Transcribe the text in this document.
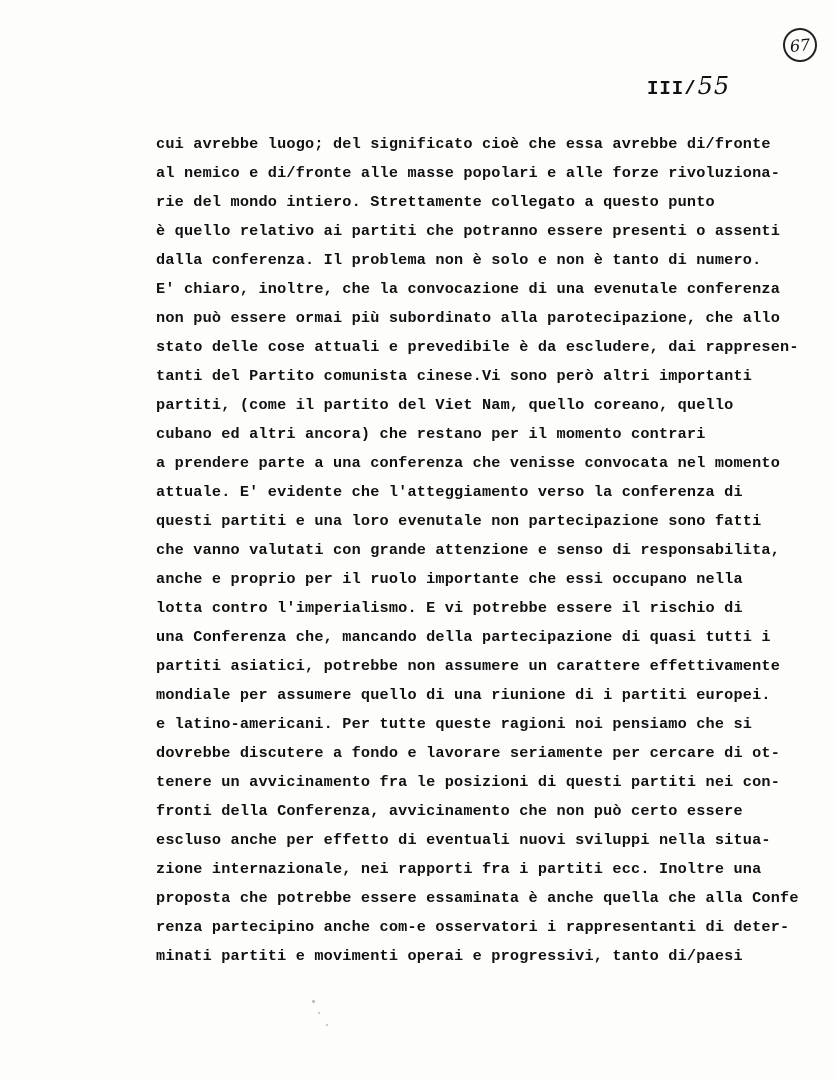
67
III/55
cui avrebbe luogo; del significato cioè che essa avrebbe di/fronte
al nemico e di/fronte alle masse popolari e alle forze rivoluziona-
rie del mondo intiero. Strettamente collegato a questo punto
è quello relativo ai partiti che potranno essere presenti o assenti
dalla conferenza. Il problema non è solo e non è tanto di numero.
E' chiaro, inoltre, che la convocazione di una evenutale conferenza
non può essere ormai più subordinato alla parotecipazione, che allo
stato delle cose attuali e prevedibile è da escludere, dai rappresen-
tanti del Partito comunista cinese.Vi sono però altri importanti
partiti, (come il partito del Viet Nam, quello coreano, quello
cubano ed altri ancora) che restano per il momento contrari
a prendere parte a una conferenza che venisse convocata nel momento
attuale. E' evidente che l'atteggiamento verso la conferenza di
questi partiti e una loro evenutale non partecipazione sono fatti
che vanno valutati con grande attenzione e senso di responsabilita,
anche e proprio per il ruolo importante che essi occupano nella
lotta contro l'imperialismo. E vi potrebbe essere il rischio di
una Conferenza che, mancando della partecipazione di quasi tutti i
partiti asiatici, potrebbe non assumere un carattere effettivamente
mondiale per assumere quello di una riunione di i partiti europei.
e latino-americani. Per tutte queste ragioni noi pensiamo che si
dovrebbe discutere a fondo e lavorare seriamente per cercare di ot-
tenere un avvicinamento fra le posizioni di questi partiti nei con-
fronti della Conferenza, avvicinamento che non può certo essere
escluso anche per effetto di eventuali nuovi sviluppi nella situa-
zione internazionale, nei rapporti fra i partiti ecc. Inoltre una
proposta che potrebbe essere essaminata è anche quella che alla Confe
renza partecipino anche com-e osservatori i rappresentanti di deter-
minati partiti e movimenti operai e progressivi, tanto di/paesi
